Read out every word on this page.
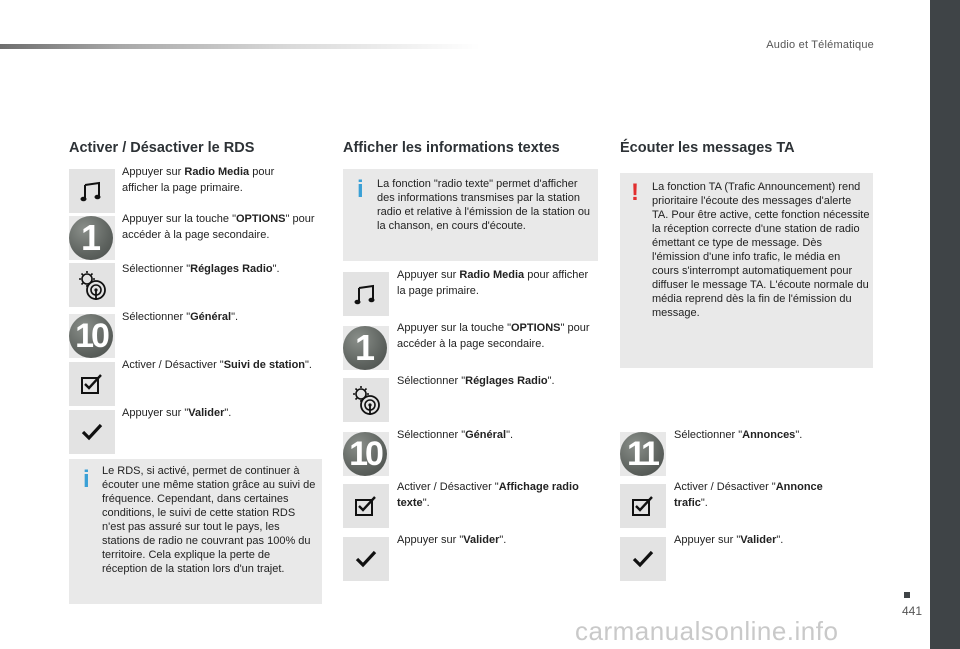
Audio et Télématique
Activer / Désactiver le RDS
Appuyer sur Radio Media pour afficher la page primaire.
1	Appuyer sur la touche "OPTIONS" pour accéder à la page secondaire.
Sélectionner "Réglages Radio".
10	Sélectionner "Général".
Activer / Désactiver "Suivi de station".
Appuyer sur "Valider".
i	Le RDS, si activé, permet de continuer à écouter une même station grâce au suivi de fréquence. Cependant, dans certaines conditions, le suivi de cette station RDS n'est pas assuré sur tout le pays, les stations de radio ne couvrant pas 100% du territoire. Cela explique la perte de réception de la station lors d'un trajet.
Afficher les informations textes
i	La fonction "radio texte" permet d'afficher des informations transmises par la station radio et relative à l'émission de la station ou la chanson, en cours d'écoute.
Appuyer sur Radio Media pour afficher la page primaire.
1	Appuyer sur la touche "OPTIONS" pour accéder à la page secondaire.
Sélectionner "Réglages Radio".
10	Sélectionner "Général".
Activer / Désactiver "Affichage radio texte".
Appuyer sur "Valider".
Écouter les messages TA
! La fonction TA (Trafic Announcement) rend prioritaire l'écoute des messages d'alerte TA. Pour être active, cette fonction nécessite la réception correcte d'une station de radio émettant ce type de message. Dès l'émission d'une info trafic, le média en cours s'interrompt automatiquement pour diffuser le message TA. L'écoute normale du média reprend dès la fin de l'émission du message.
11	Sélectionner "Annonces".
Activer / Désactiver "Annonce trafic".
Appuyer sur "Valider".
441
carmanualsonline.info
